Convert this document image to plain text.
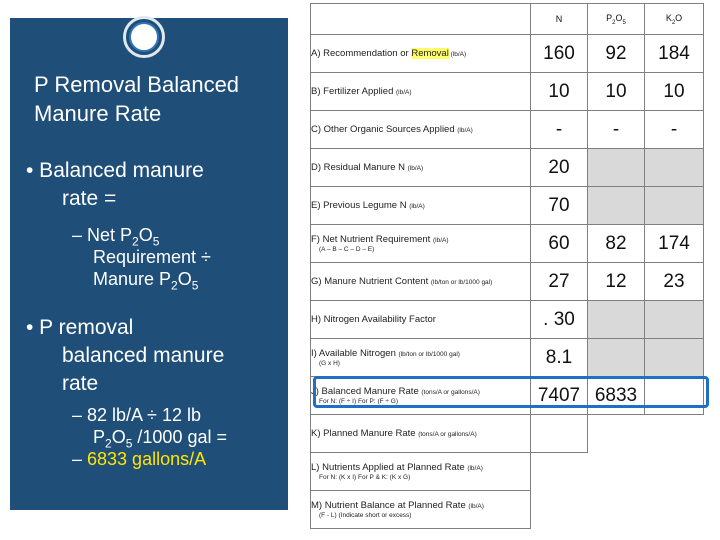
P Removal Balanced
Manure Rate
• Balanced manure
rate =
– Net $P_2O_5$
Requirement ÷
Manure $P_2O_5$
• P removal
balanced manure
rate
– 82 lb/A ÷ 12 lb
$P_2O_5$ /1000 gal =
– 6833 gallons/A
	N	$P_2O_5$	$K_2O$
A) Recommendation or Removal (lb/A)	160	92	184
B) Fertilizer Applied (lb/A)	10	10	10
C) Other Organic Sources Applied (lb/A)	-	-	-
D) Residual Manure N (lb/A)	20		
E) Previous Legume N (lb/A)	70		
F) Net Nutrient Requirement (lb/A)
(A – B – C – D – E)	60	82	174
G) Manure Nutrient Content (lb/ton or lb/1000 gal)	27	12	23
H) Nitrogen Availability Factor	. 30		
I) Available Nitrogen (lb/ton or lb/1000 gal)
(G x H)	8.1		
J) Balanced Manure Rate (tons/A or gallons/A)
For N: (F ÷ I) For P: (F ÷ G)	7407	6833	
K) Planned Manure Rate (tons/A or gallons/A)			
L) Nutrients Applied at Planned Rate (lb/A)
For N: (K x I) For P & K: (K x G)			

M) Nutrient Balance at Planned Rate (lb/A)
(F - L) (Indicate short or excess)			
